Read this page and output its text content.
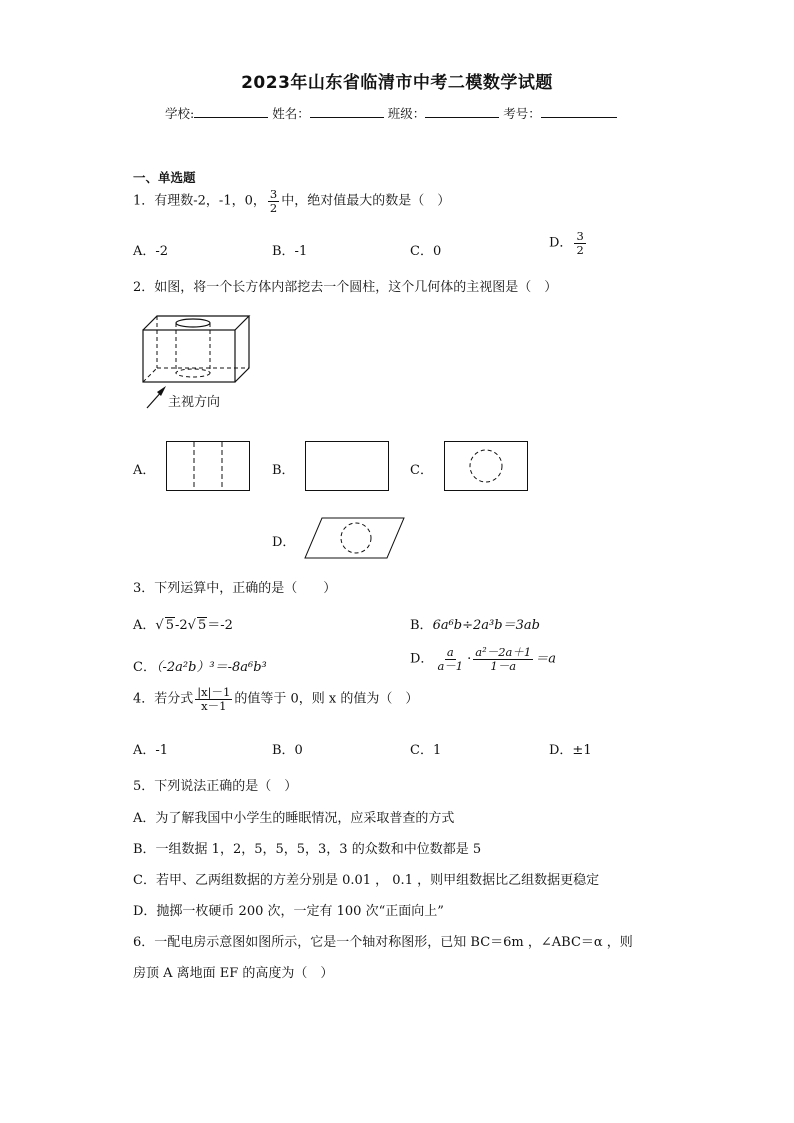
2023年山东省临清市中考二模数学试题
学校:	姓名：	班级：	考号：
一、单选题
1．有理数-2，-1，0， $\frac{3}{2}$ 中，绝对值最大的数是（　）
A．-2	B．-1	C．0
D． $\frac{3}{2}$
2．如图，将一个长方体内部挖去一个圆柱，这个几何体的主视图是（　）
主视方向
A．	B．	C．
D．
3．下列运算中，正确的是（　　）
A．√ 5-2√ 5＝-2	B．6a⁶b÷2a³b＝3ab
C．（-2a²b）³＝-8a⁶b³
D． $\frac{a}{a-1} \cdot \frac{\text{a²－2a＋1}}{1-a} =a$
4．若分式 $\frac{|x|-1}{x-1}$ 的值等于 0，则 x 的值为（　）
A．-1	B．0	C．1	D．±1
5．下列说法正确的是（　）
A．为了解我国中小学生的睡眠情况，应采取普查的方式
B．一组数据 1，2，5，5，5，3，3 的众数和中位数都是 5
C．若甲、乙两组数据的方差分别是 0.01 ， 0.1 ，则甲组数据比乙组数据更稳定
D．抛掷一枚硬币 200 次，一定有 100 次“正面向上”
6．一配电房示意图如图所示，它是一个轴对称图形，已知 BC＝6m ，∠ABC＝α ，则
房顶 A 离地面 EF 的高度为（　）
